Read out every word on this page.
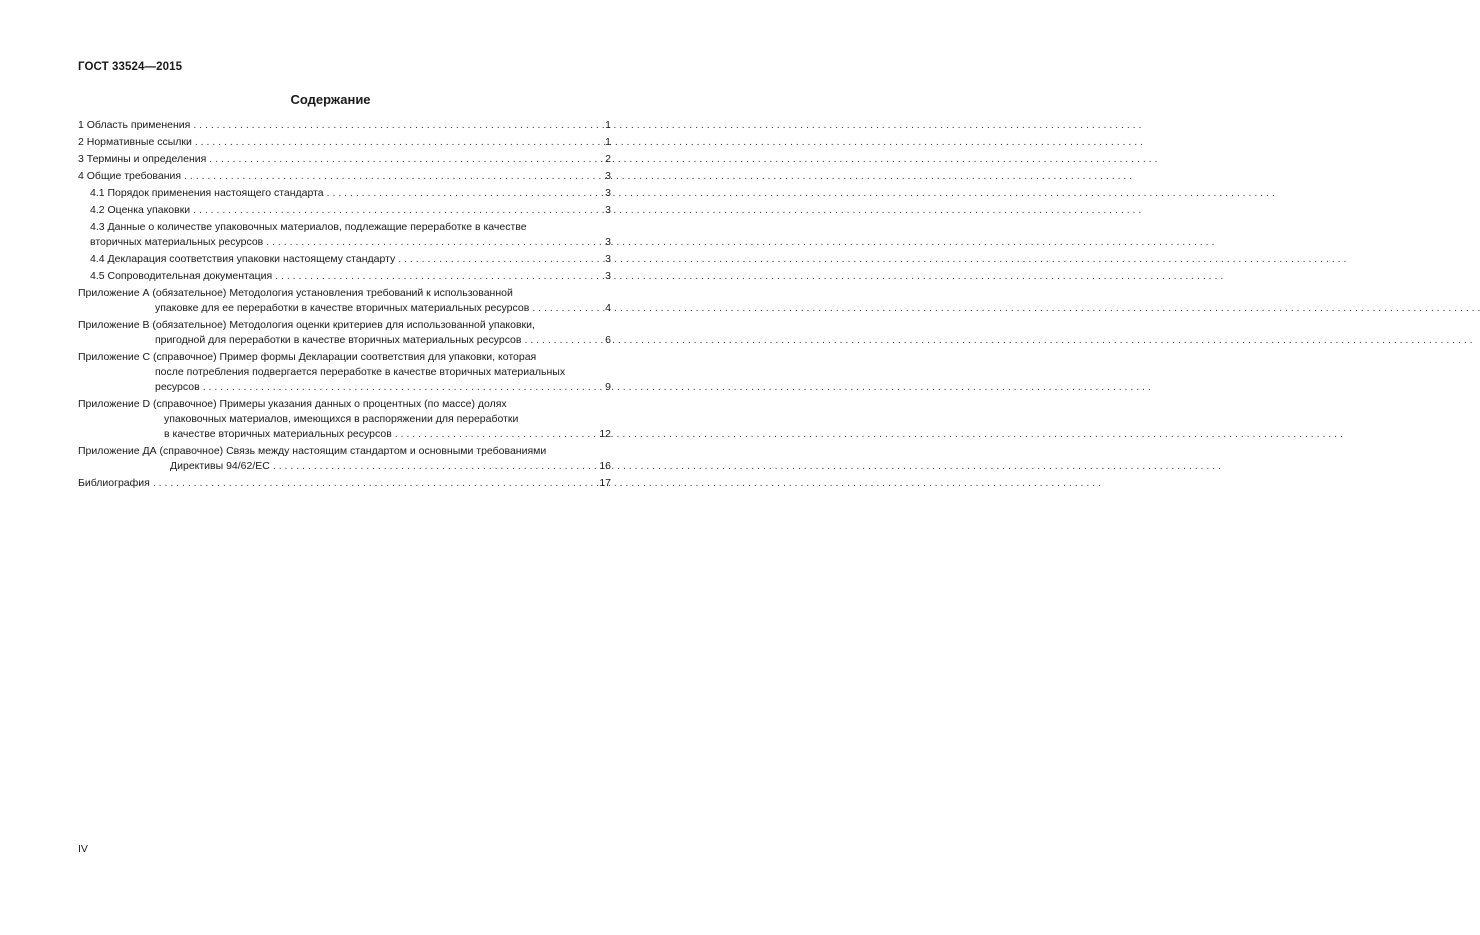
ГОСТ 33524—2015
Содержание
1 Область применения . . .	1
2 Нормативные ссылки . . .	1
3 Термины и определения . . .	2
4 Общие требования . . .	3
4.1 Порядок применения настоящего стандарта . . .	3
4.2 Оценка упаковки . . .	3
4.3 Данные о количестве упаковочных материалов, подлежащие переработке в качестве
вторичных материальных ресурсов . . .	3
4.4 Декларация соответствия упаковки настоящему стандарту . . .	3
4.5 Сопроводительная документация . . .	3
Приложение А (обязательное) Методология установления требований к использованной
упаковке для ее переработки в качестве вторичных материальных ресурсов . . .	4
Приложение В (обязательное) Методология оценки критериев для использованной упаковки,
пригодной для переработки в качестве вторичных материальных ресурсов . . .	6
Приложение С (справочное) Пример формы Декларации соответствия для упаковки, которая
после потребления подвергается переработке в качестве вторичных материальных
ресурсов . . .	9
Приложение D (справочное) Примеры указания данных о процентных (по массе) долях
упаковочных материалов, имеющихся в распоряжении для переработки
в качестве вторичных материальных ресурсов . . .	12
Приложение ДА (справочное) Связь между настоящим стандартом и основными требованиями
Директивы 94/62/ЕС . . .	16
Библиография . . .	17
IV
